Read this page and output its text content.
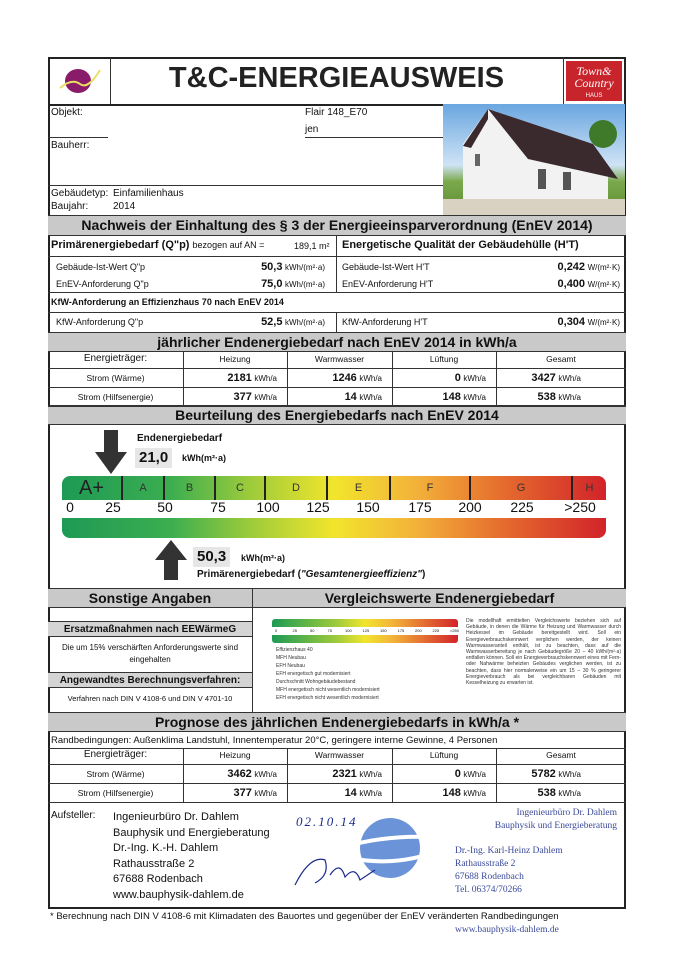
T&C-ENERGIEAUSWEIS	Town&
Country
HAUS
Objekt:	Flair 148_E70
jen
Bauherr:
Gebäudetyp: Einfamilienhaus
Baujahr: 2014
Nachweis der Einhaltung des § 3 der Energieeinsparverordnung (EnEV 2014)
Primärenergiebedarf (Q"p) bezogen auf AN =	189,1 m² Energetische Qualität der Gebäudehülle (H'T)
KfW-Anforderung an Effizienzhaus 70 nach EnEV 2014
KfW-Anforderung Q"p	52,5 kWh/(m²·a) KfW-Anforderung H'T	0,304 W/(m²·K)
jährlicher Endenergiebedarf nach EnEV 2014 in kWh/a
Beurteilung des Energiebedarfs nach EnEV 2014
Endenergiebedarf
21,0	kWh(m²·a)
A+	A	B	C	D	E	F	G	H
50,3	kWh(m²·a)
Primärenergiebedarf ("Gesamtenergieeffizienz")
Sonstige Angaben	Vergleichswerte Endenergiebedarf
Ersatzmaßnahmen nach EEWärmeG
Die um 15% verschärften Anforderungswerte sind eingehalten
Angewandtes Berechnungsverfahren:
Verfahren nach DIN V 4108-6 und DIN V 4701-10
0	25	50	75	100	125	150	175	200	225	>250
Die modellhaft ermittelten Vergleichswerte beziehen sich auf Gebäude, in denen die Wärme für Heizung und Warmwasser durch Heizkessel im Gebäude bereitgestellt wird. Soll ein Energieverbrauchskennwert verglichen werden, der keinen Warmwasseranteil enthält, ist zu beachten, dass auf die Warmwasserbereitung je nach Gebäudegröße 20 – 40 kWh/(m²·a) entfallen können. Soll ein Energieverbrauchskennwert eines mit Fern- oder Nahwärme beheizten Gebäudes verglichen werden, ist zu beachten, dass hier normalerweise ein um 15 – 30 % geringerer Energieverbrauch als bei vergleichbaren Gebäuden mit Kesselheizung zu erwarten ist.
Prognose des jährlichen Endenergiebedarfs in kWh/a *
Randbedingungen: Außenklima Landstuhl, Innentemperatur 20°C, geringere interne Gewinne, 4 Personen
Aufsteller: Ingenieurbüro Dr. Dahlem
Bauphysik und Energieberatung
Dr.-Ing. K.-H. Dahlem
Rathausstraße 2
67688 Rodenbach
www.bauphysik-dahlem.de
02.10.14
Ingenieurbüro Dr. Dahlem
Bauphysik und Energieberatung
Dr.-Ing. Karl-Heinz Dahlem
Rathausstraße 2
67688 Rodenbach
Tel. 06374/70266
* Berechnung nach DIN V 4108-6 mit Klimadaten des Bauortes und gegenüber der EnEV veränderten Randbedingungen
www.bauphysik-dahlem.de
Gebäude-Ist-Wert Q"p	50,3 kWh/(m²·a) Gebäude-Ist-Wert H'T	0,242 W/(m²·K)
EnEV-Anforderung Q"p	75,0 kWh/(m²·a) EnEV-Anforderung H'T	0,400 W/(m²·K)
Energieträger:	Heizung	Warmwasser	Lüftung	Gesamt
Strom (Wärme)	2181 kWh/a	1246 kWh/a	0 kWh/a	3427 kWh/a
Strom (Hilfsenergie)	377 kWh/a	14 kWh/a	148 kWh/a	538 kWh/a
Energieträger:	Heizung	Warmwasser	Lüftung	Gesamt
Strom (Wärme)	3462 kWh/a	2321 kWh/a	0 kWh/a	5782 kWh/a
Strom (Hilfsenergie)	377 kWh/a	14 kWh/a	148 kWh/a	538 kWh/a
0 25	50	75 100 125 150 175 200 225 >250
Effizienzhaus 40
MFH Neubau
EFH Neubau
EFH energetisch gut modernisiert
Durchschnitt Wohngebäudebestand
MFH energetisch nicht wesentlich modernisiert
EFH energetisch nicht wesentlich modernisiert
